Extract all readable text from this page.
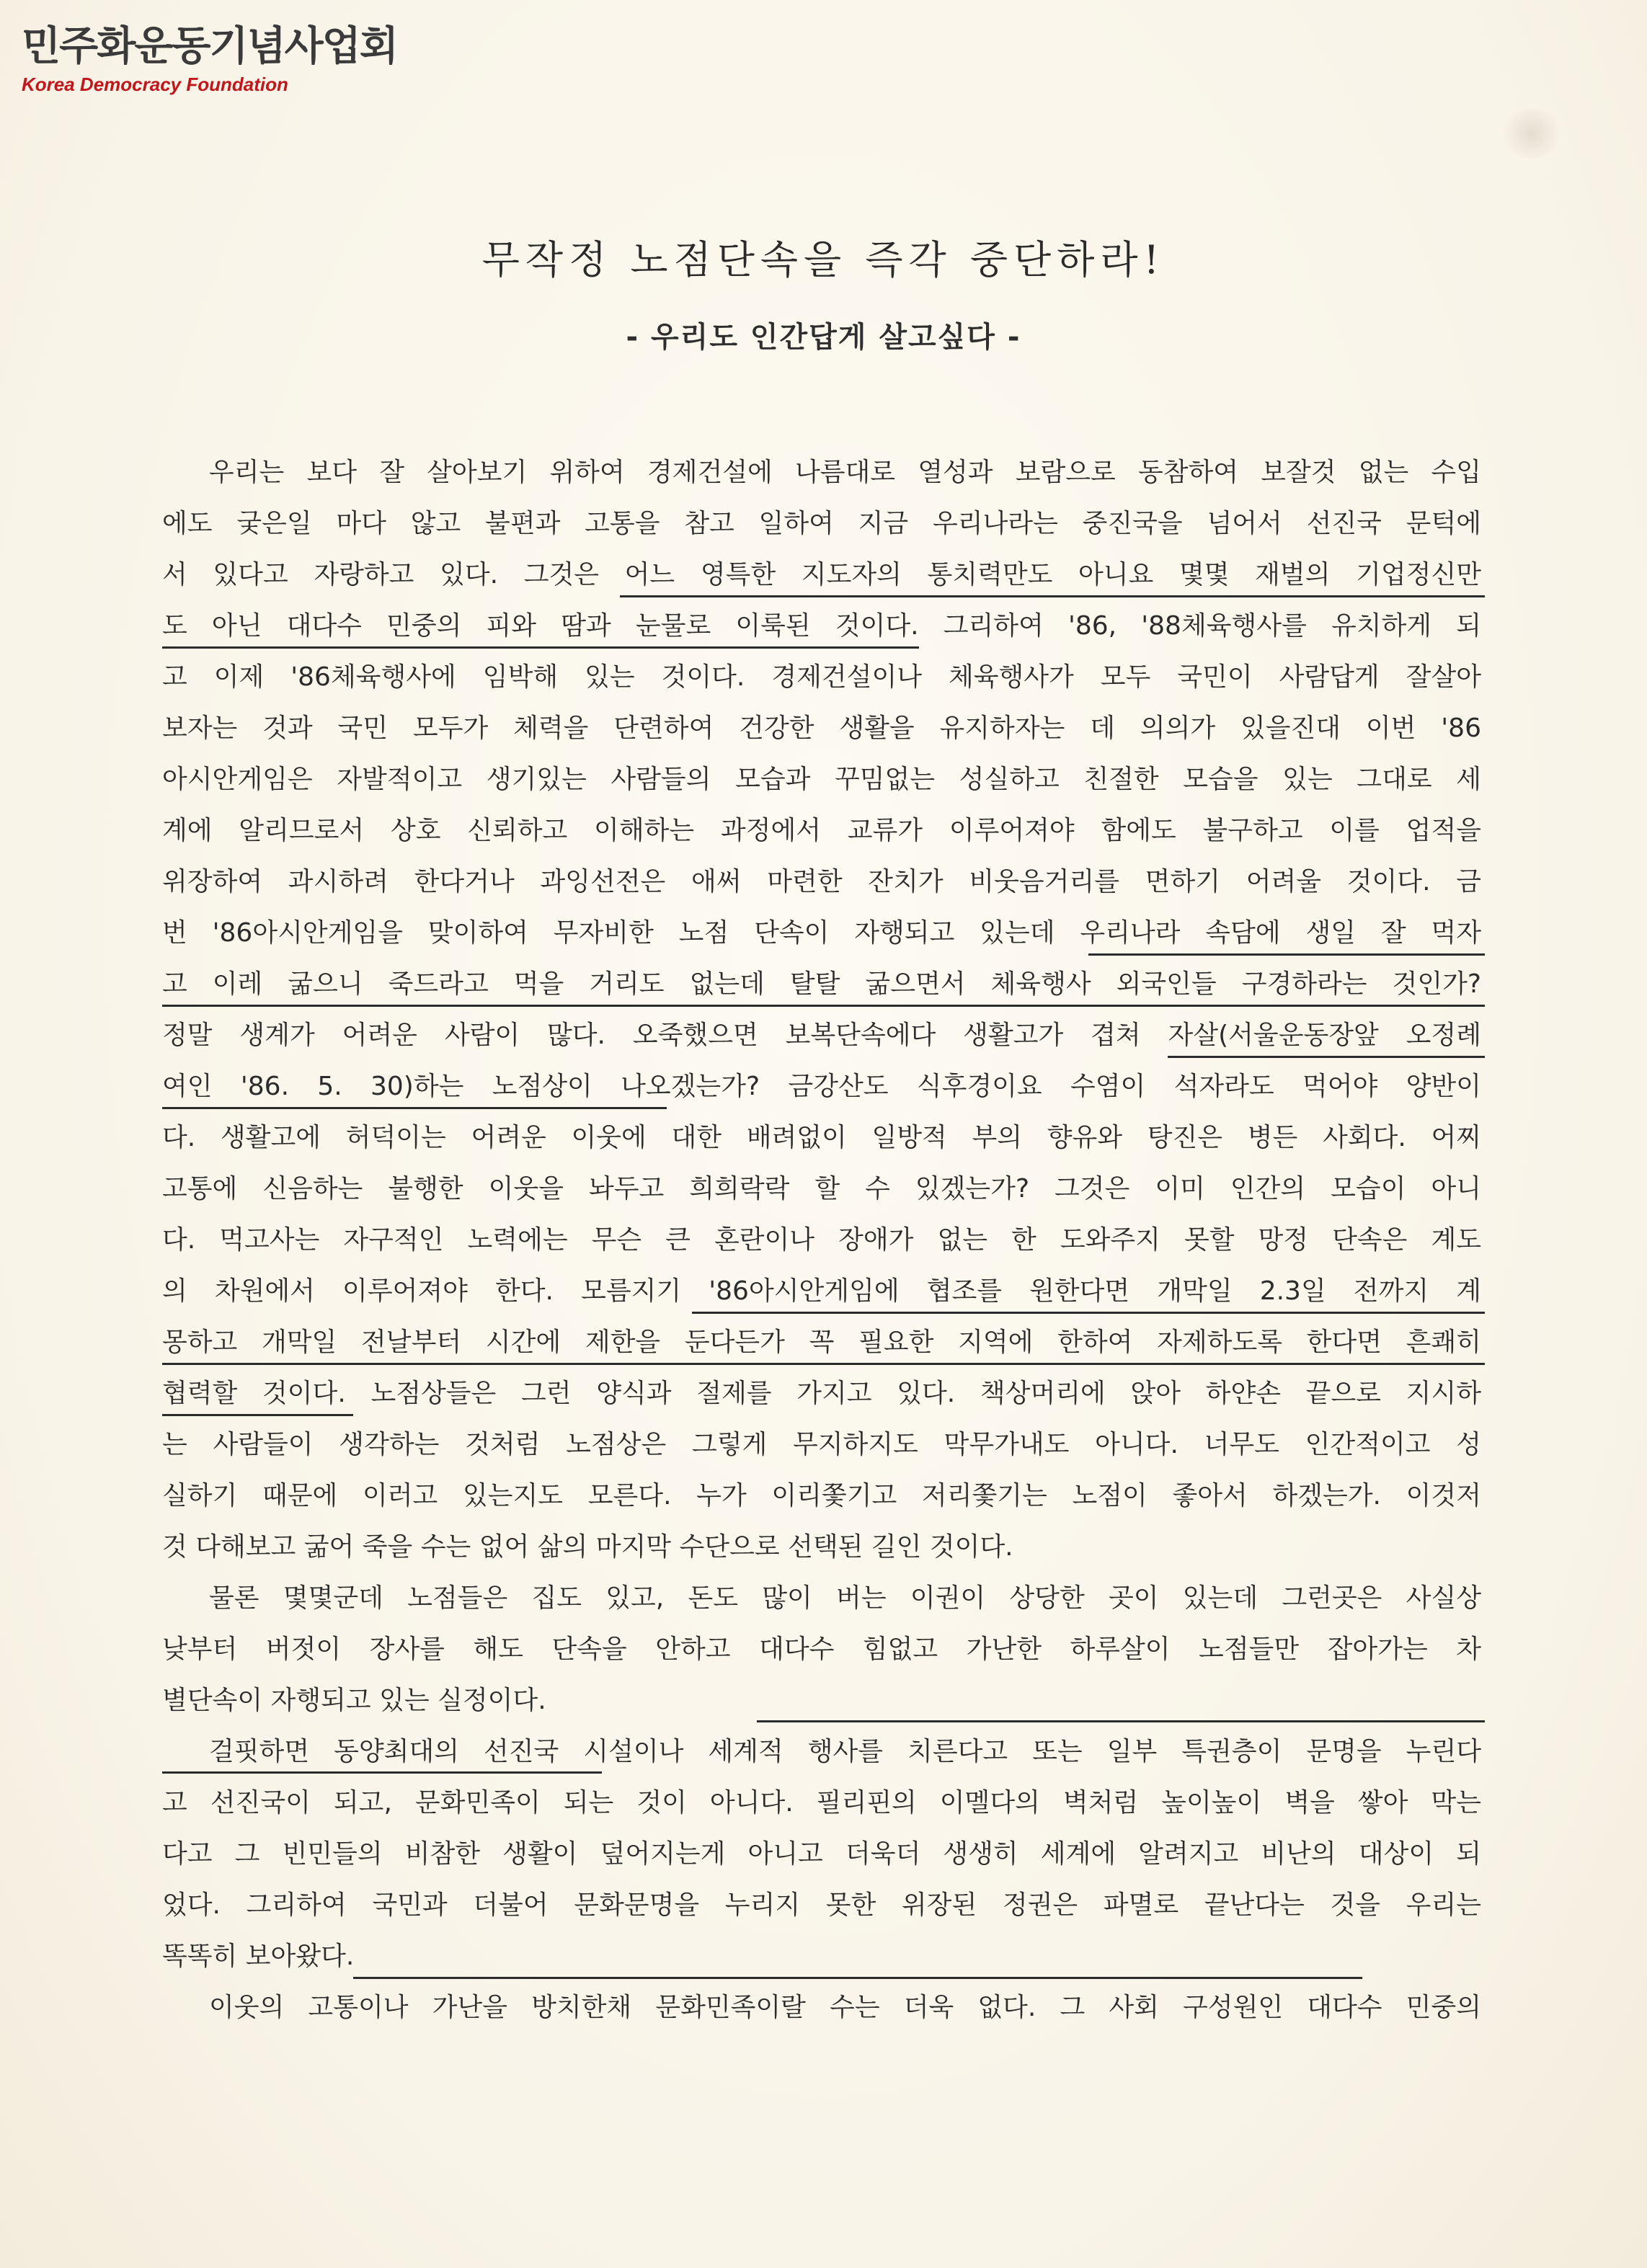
민주화운동기념사업회
Korea Democracy Foundation
무작정 노점단속을 즉각 중단하라!
- 우리도 인간답게 살고싶다 -
우리는 보다 잘 살아보기 위하여 경제건설에 나름대로 열성과 보람으로 동참하여 보잘것 없는 수입
에도 궂은일 마다 않고 불편과 고통을 참고 일하여 지금 우리나라는 중진국을 넘어서 선진국 문턱에
서 있다고 자랑하고 있다. 그것은 어느 영특한 지도자의 통치력만도 아니요 몇몇 재벌의 기업정신만
도 아닌 대다수 민중의 피와 땀과 눈물로 이룩된 것이다. 그리하여 '86, '88체육행사를 유치하게 되
고 이제 '86체육행사에 임박해 있는 것이다. 경제건설이나 체육행사가 모두 국민이 사람답게 잘살아
보자는 것과 국민 모두가 체력을 단련하여 건강한 생활을 유지하자는 데 의의가 있을진대 이번 '86
아시안게임은 자발적이고 생기있는 사람들의 모습과 꾸밈없는 성실하고 친절한 모습을 있는 그대로 세
계에 알리므로서 상호 신뢰하고 이해하는 과정에서 교류가 이루어져야 함에도 불구하고 이를 업적을
위장하여 과시하려 한다거나 과잉선전은 애써 마련한 잔치가 비웃음거리를 면하기 어려울 것이다. 금
번 '86아시안게임을 맞이하여 무자비한 노점 단속이 자행되고 있는데 우리나라 속담에 생일 잘 먹자
고 이레 굶으니 죽드라고 먹을 거리도 없는데 탈탈 굶으면서 체육행사 외국인들 구경하라는 것인가?
정말 생계가 어려운 사람이 많다. 오죽했으면 보복단속에다 생활고가 겹쳐 자살(서울운동장앞 오정례
여인 '86. 5. 30)하는 노점상이 나오겠는가? 금강산도 식후경이요 수염이 석자라도 먹어야 양반이
다. 생활고에 허덕이는 어려운 이웃에 대한 배려없이 일방적 부의 향유와 탕진은 병든 사회다. 어찌
고통에 신음하는 불행한 이웃을 놔두고 희희락락 할 수 있겠는가? 그것은 이미 인간의 모습이 아니
다. 먹고사는 자구적인 노력에는 무슨 큰 혼란이나 장애가 없는 한 도와주지 못할 망정 단속은 계도
의 차원에서 이루어져야 한다. 모름지기 '86아시안게임에 협조를 원한다면 개막일 2.3일 전까지 계
몽하고 개막일 전날부터 시간에 제한을 둔다든가 꼭 필요한 지역에 한하여 자제하도록 한다면 흔쾌히
협력할 것이다. 노점상들은 그런 양식과 절제를 가지고 있다. 책상머리에 앉아 하얀손 끝으로 지시하
는 사람들이 생각하는 것처럼 노점상은 그렇게 무지하지도 막무가내도 아니다. 너무도 인간적이고 성
실하기 때문에 이러고 있는지도 모른다. 누가 이리쫓기고 저리쫓기는 노점이 좋아서 하겠는가. 이것저
것 다해보고 굶어 죽을 수는 없어 삶의 마지막 수단으로 선택된 길인 것이다.
물론 몇몇군데 노점들은 집도 있고, 돈도 많이 버는 이권이 상당한 곳이 있는데 그런곳은 사실상
낮부터 버젓이 장사를 해도 단속을 안하고 대다수 힘없고 가난한 하루살이 노점들만 잡아가는 차
별단속이 자행되고 있는 실정이다.
걸핏하면 동양최대의 선진국 시설이나 세계적 행사를 치른다고 또는 일부 특권층이 문명을 누린다
고 선진국이 되고, 문화민족이 되는 것이 아니다. 필리핀의 이멜다의 벽처럼 높이높이 벽을 쌓아 막는
다고 그 빈민들의 비참한 생활이 덮어지는게 아니고 더욱더 생생히 세계에 알려지고 비난의 대상이 되
었다. 그리하여 국민과 더불어 문화문명을 누리지 못한 위장된 정권은 파멸로 끝난다는 것을 우리는
똑똑히 보아왔다.
이웃의 고통이나 가난을 방치한채 문화민족이랄 수는 더욱 없다. 그 사회 구성원인 대다수 민중의
